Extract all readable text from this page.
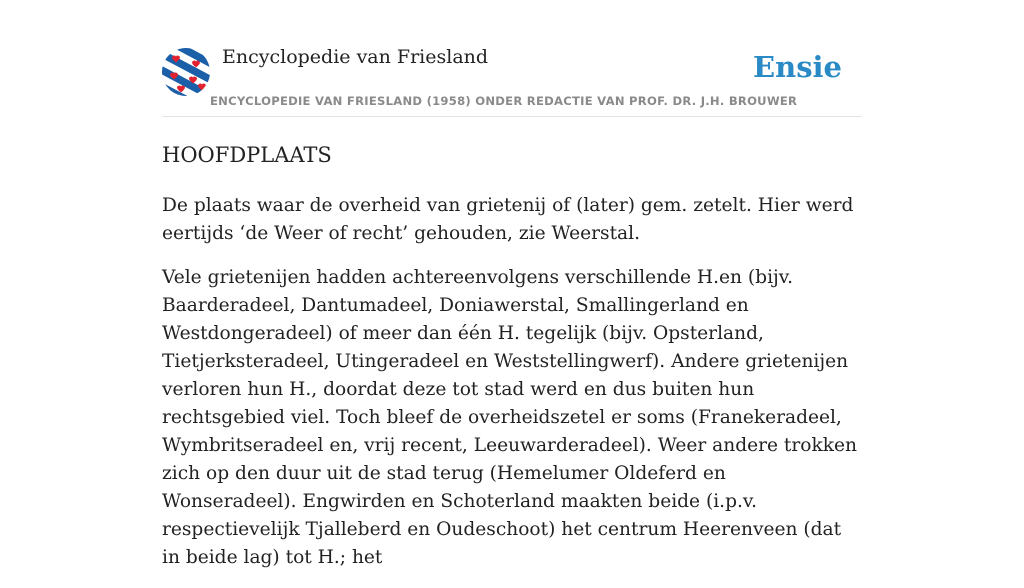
Encyclopedie van Friesland	Ensie
ENCYCLOPEDIE VAN FRIESLAND (1958) ONDER REDACTIE VAN PROF. DR. J.H. BROUWER
HOOFDPLAATS

De plaats waar de overheid van grietenij of (later) gem. zetelt. Hier werd eertijds ‘de Weer of recht’ gehouden, zie Weerstal.

Vele grietenijen hadden achtereenvolgens verschillende H.en (bijv. Baarderadeel, Dantumadeel, Doniawerstal, Smallingerland en Westdongeradeel) of meer dan één H. tegelijk (bijv. Opsterland, Tietjerksteradeel, Utingeradeel en Weststellingwerf). Andere grietenijen verloren hun H., doordat deze tot stad werd en dus buiten hun rechtsgebied viel. Toch bleef de overheidszetel er soms (Franekeradeel, Wymbritseradeel en, vrij recent, Leeuwarderadeel). Weer andere trokken zich op den duur uit de stad terug (Hemelumer Oldeferd en Wonseradeel). Engwirden en Schoterland maakten beide (i.p.v. respectievelijk Tjalleberd en Oudeschoot) het centrum Heerenveen (dat in beide lag) tot H.; het
